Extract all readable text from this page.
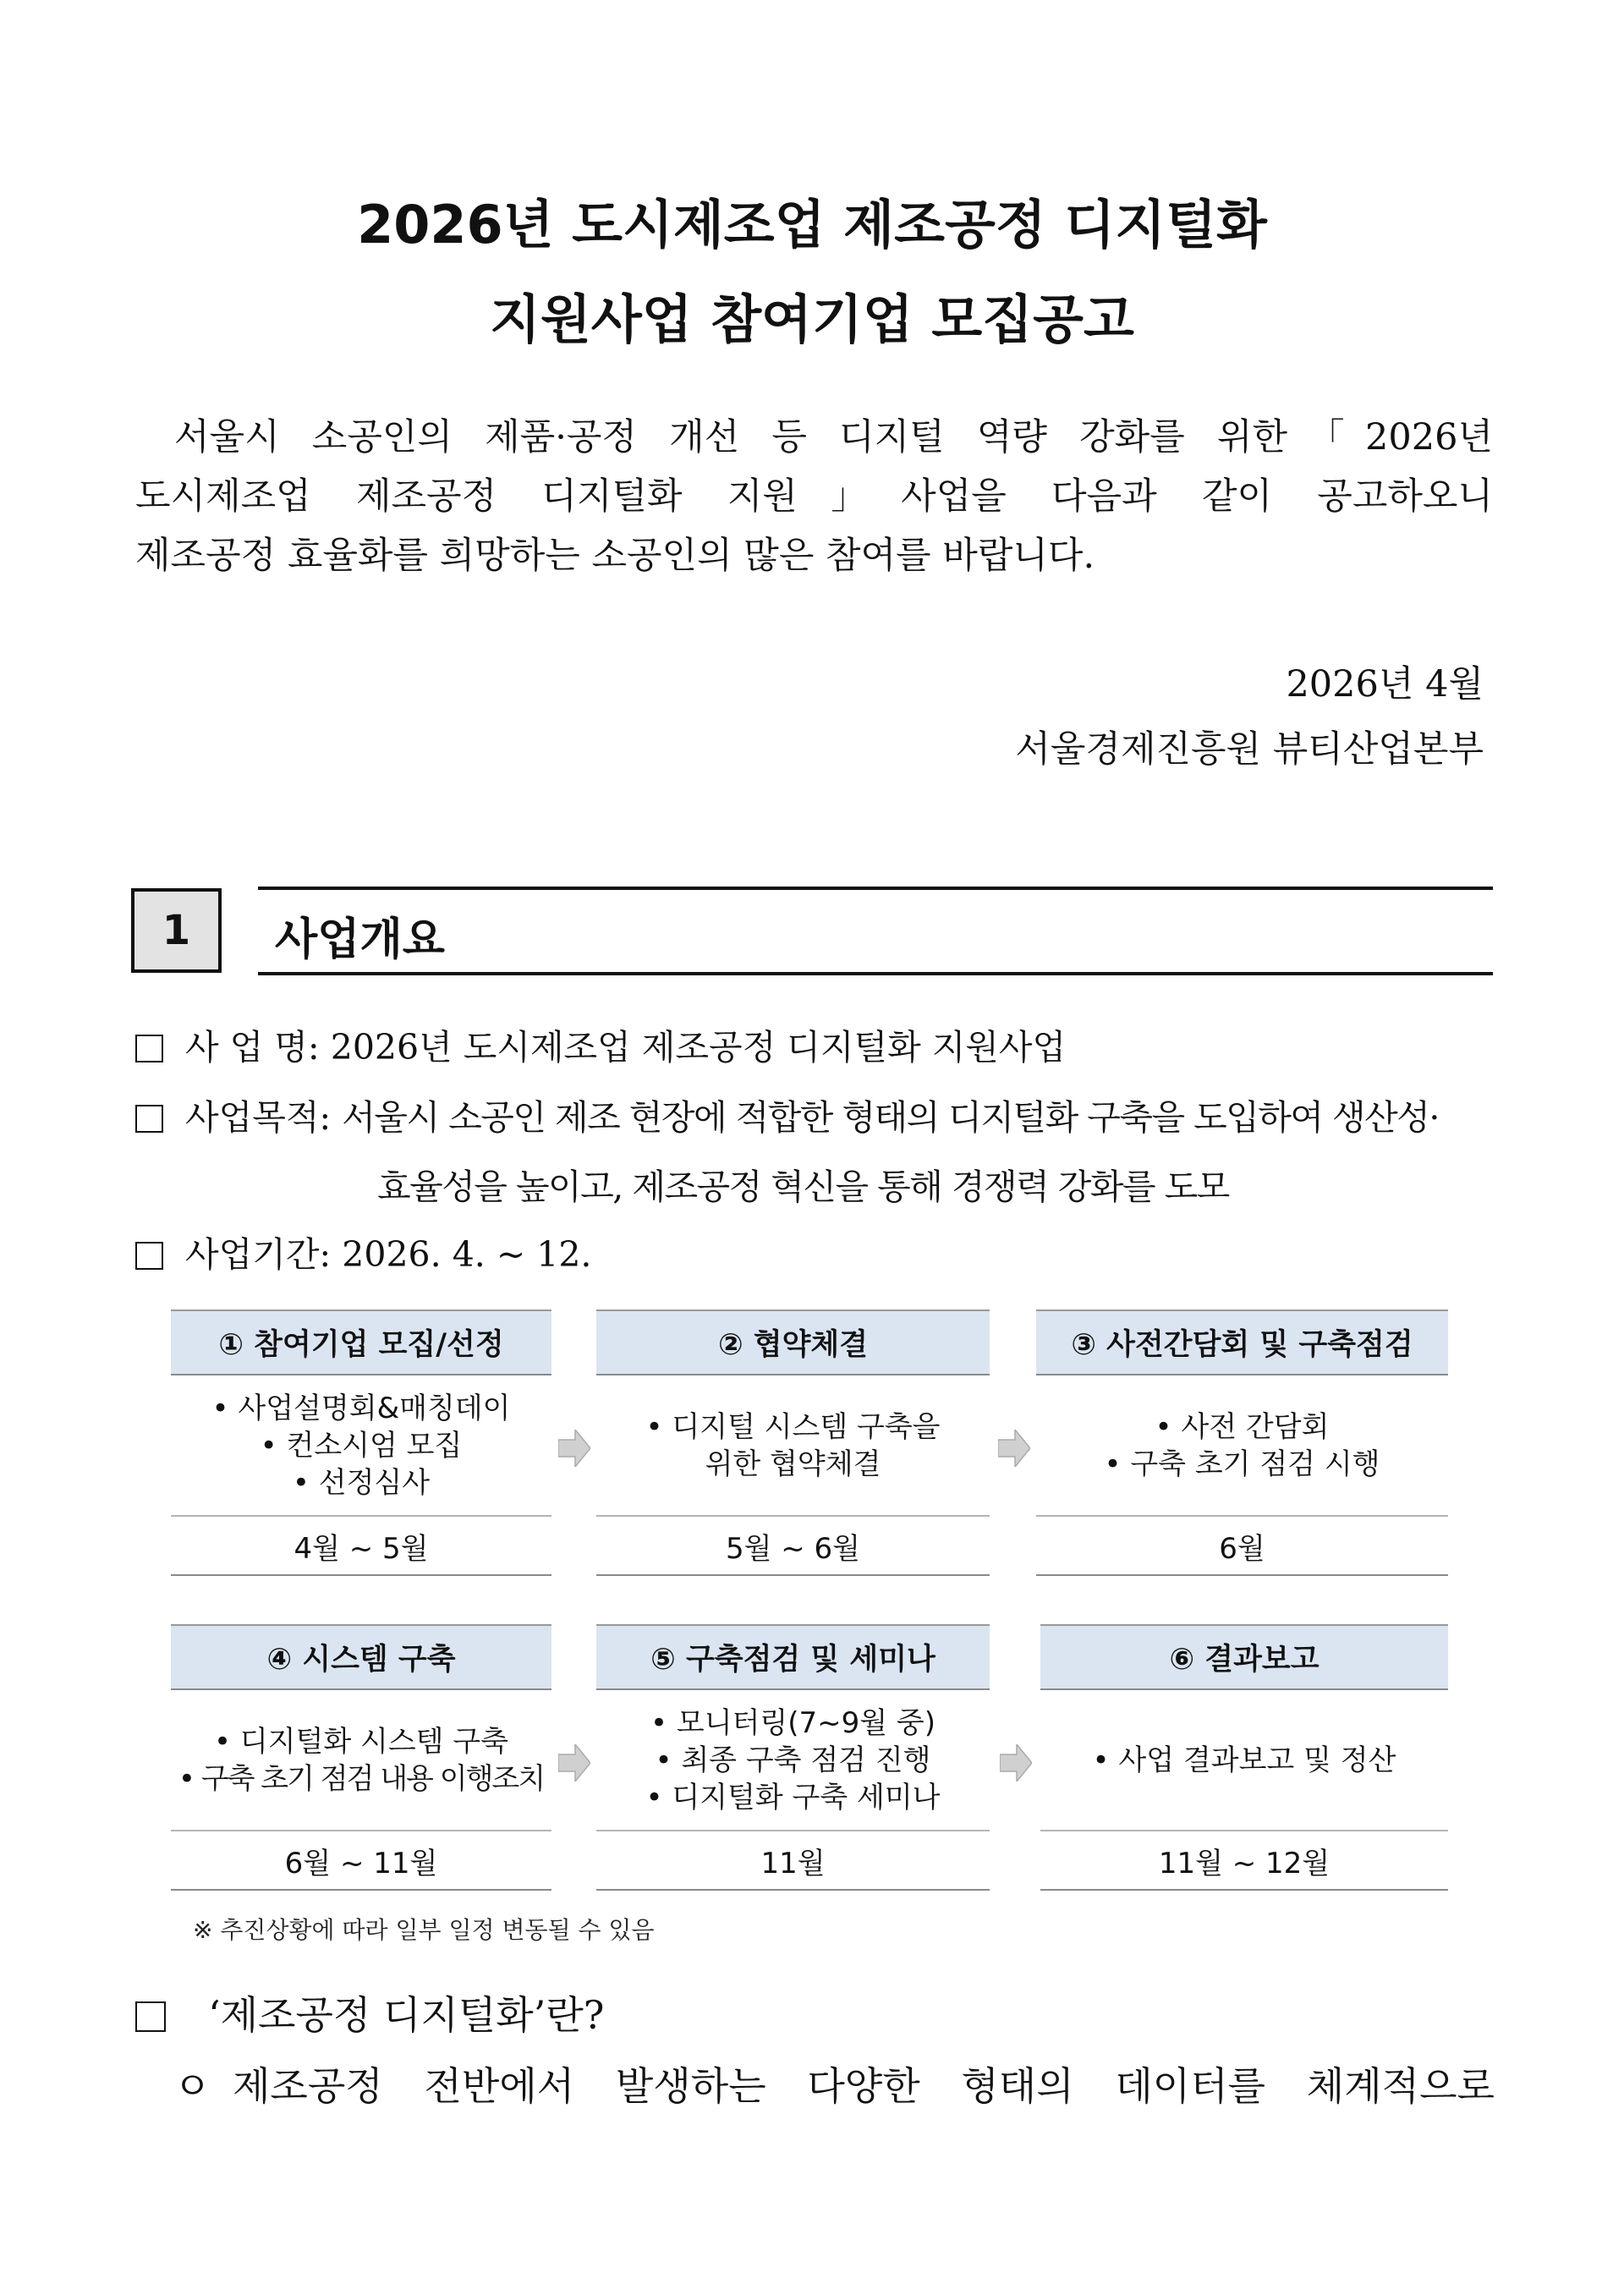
2026년 도시제조업 제조공정 디지털화
지원사업 참여기업 모집공고
서울시 소공인의 제품·공정 개선 등 디지털 역량 강화를 위한「2026년
도시제조업 제조공정 디지털화 지원」사업을 다음과 같이 공고하오니
제조공정 효율화를 희망하는 소공인의 많은 참여를 바랍니다.
2026년 4월
서울경제진흥원 뷰티산업본부
1	사업개요
사 업 명: 2026년 도시제조업 제조공정 디지털화 지원사업
사업목적: 서울시 소공인 제조 현장에 적합한 형태의 디지털화 구축을 도입하여 생산성·
효율성을 높이고, 제조공정 혁신을 통해 경쟁력 강화를 도모
사업기간: 2026. 4. ~ 12.
① 참여기업 모집/선정
• 사업설명회&매칭데이
• 컨소시엄 모집
• 선정심사
4월 ~ 5월
② 협약체결
• 디지털 시스템 구축을
위한 협약체결
5월 ~ 6월
③ 사전간담회 및 구축점검
• 사전 간담회
• 구축 초기 점검 시행
6월
④ 시스템 구축
• 디지털화 시스템 구축
• 구축 초기 점검 내용 이행조치
6월 ~ 11월
⑤ 구축점검 및 세미나
• 모니터링(7~9월 중)
• 최종 구축 점검 진행
• 디지털화 구축 세미나
11월
⑥ 결과보고
• 사업 결과보고 및 정산
11월 ~ 12월
※ 추진상황에 따라 일부 일정 변동될 수 있음
‘제조공정 디지털화’란?
ㅇ 제조공정 전반에서 발생하는 다양한 형태의 데이터를 체계적으로
